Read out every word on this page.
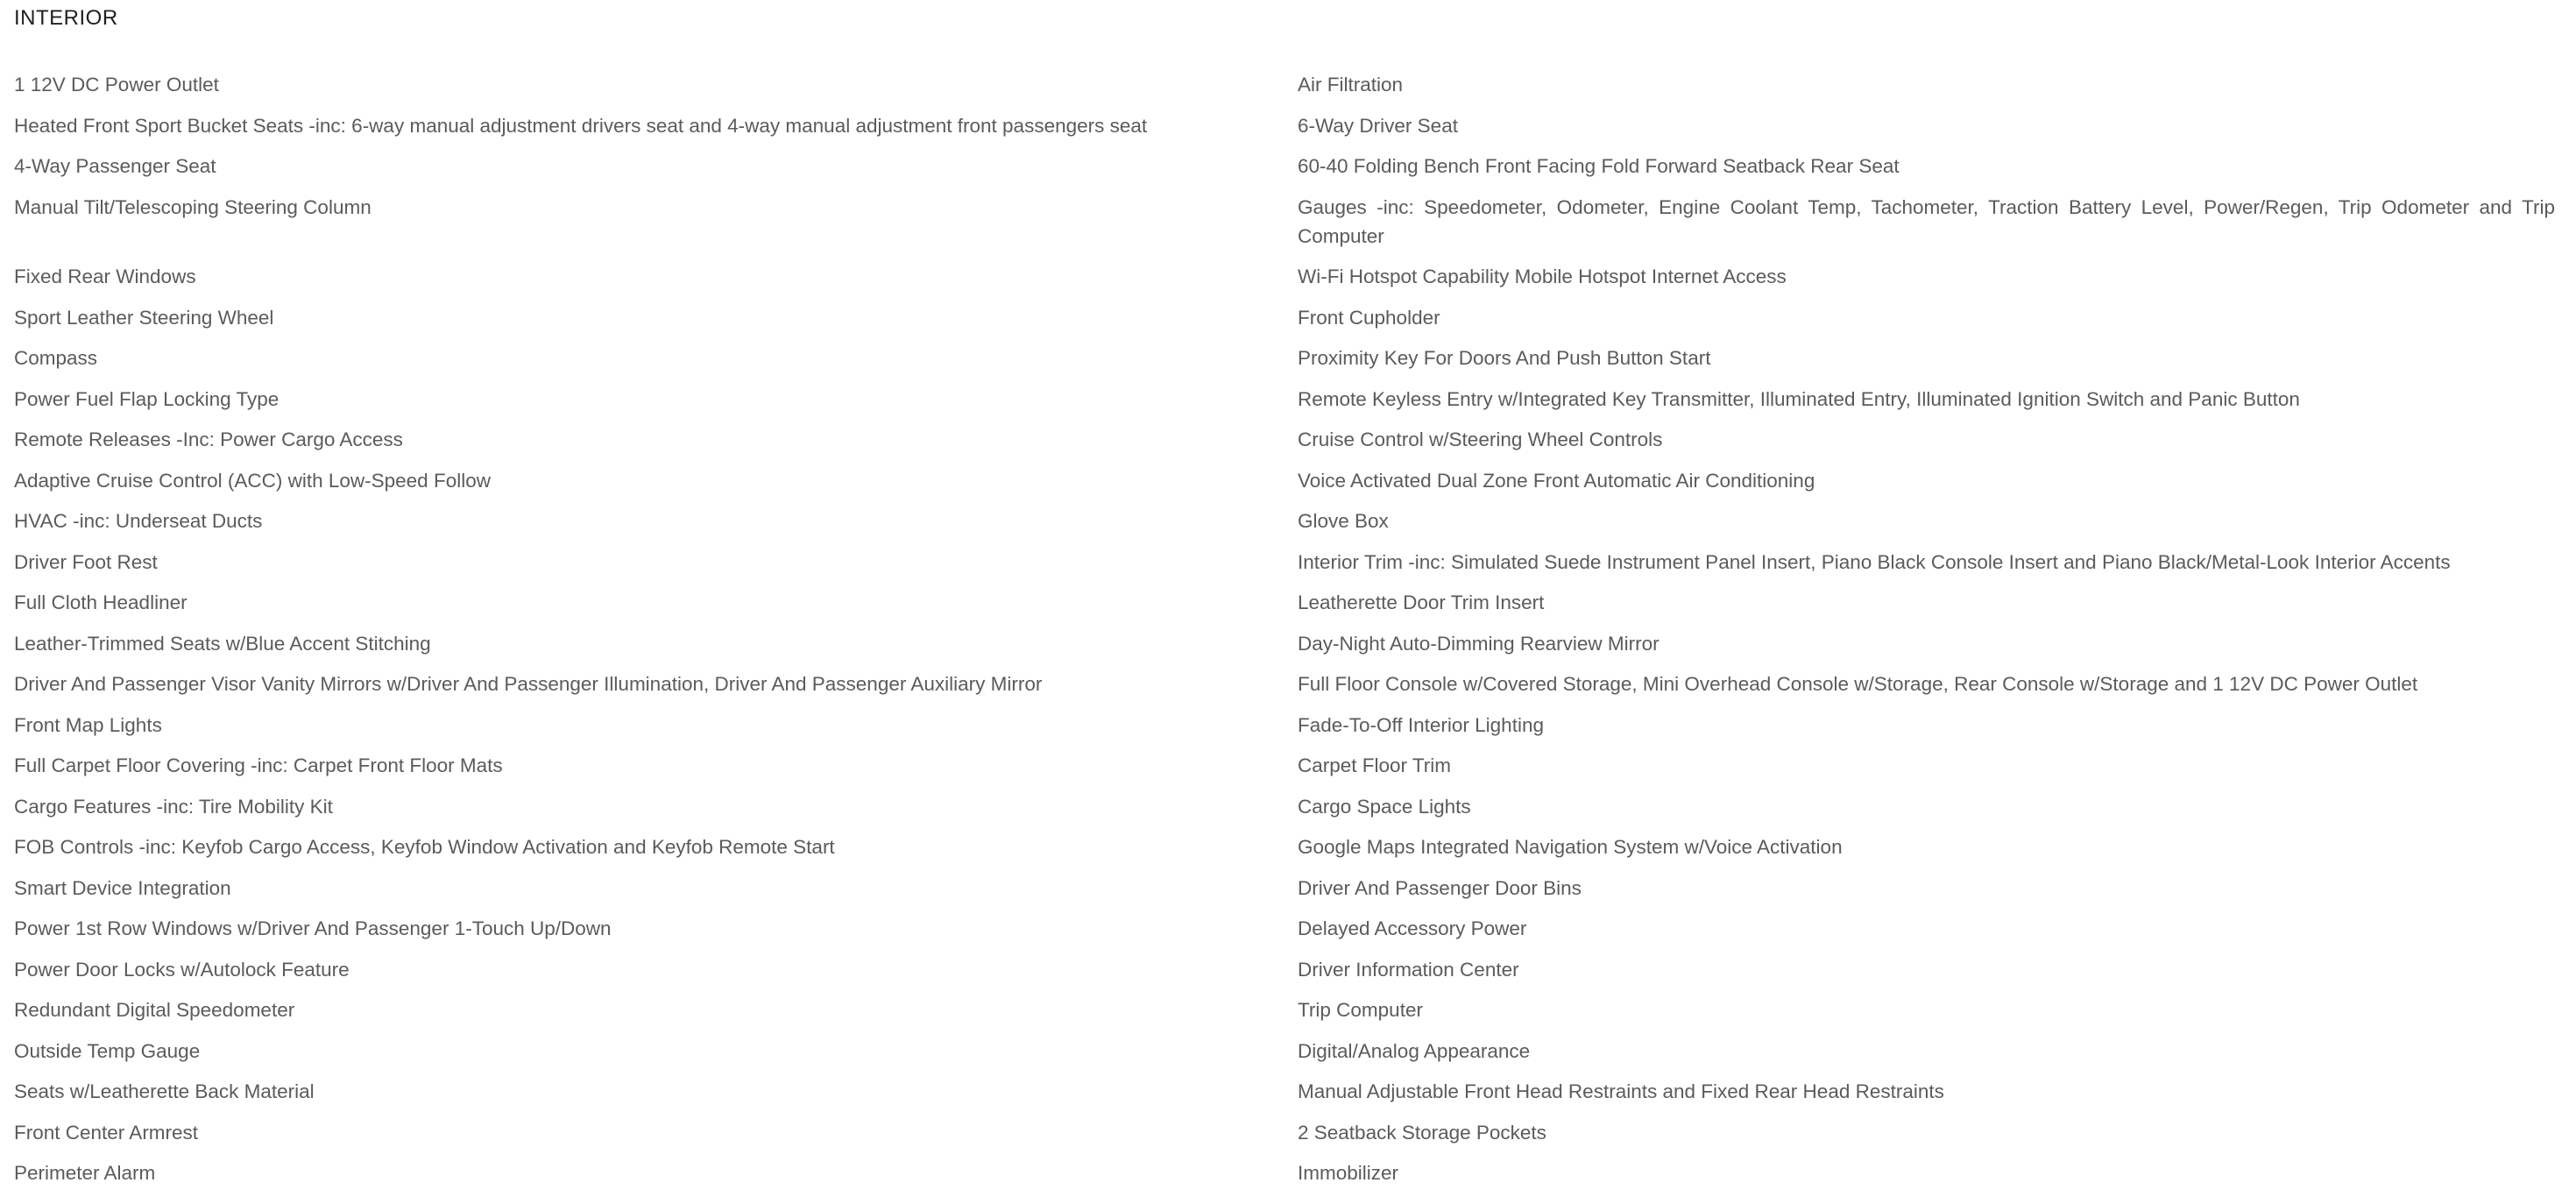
INTERIOR
1 12V DC Power Outlet	Air Filtration
Heated Front Sport Bucket Seats -inc: 6-way manual adjustment drivers seat and 4-way manual adjustment front passengers seat	6-Way Driver Seat
4-Way Passenger Seat	60-40 Folding Bench Front Facing Fold Forward Seatback Rear Seat
Manual Tilt/Telescoping Steering Column	Gauges -inc: Speedometer, Odometer, Engine Coolant Temp, Tachometer, Traction Battery Level, Power/Regen, Trip Odometer and Trip Computer
Fixed Rear Windows	Wi-Fi Hotspot Capability Mobile Hotspot Internet Access
Sport Leather Steering Wheel	Front Cupholder
Compass	Proximity Key For Doors And Push Button Start
Power Fuel Flap Locking Type	Remote Keyless Entry w/Integrated Key Transmitter, Illuminated Entry, Illuminated Ignition Switch and Panic Button
Remote Releases -Inc: Power Cargo Access	Cruise Control w/Steering Wheel Controls
Adaptive Cruise Control (ACC) with Low-Speed Follow	Voice Activated Dual Zone Front Automatic Air Conditioning
HVAC -inc: Underseat Ducts	Glove Box
Driver Foot Rest	Interior Trim -inc: Simulated Suede Instrument Panel Insert, Piano Black Console Insert and Piano Black/Metal-Look Interior Accents
Full Cloth Headliner	Leatherette Door Trim Insert
Leather-Trimmed Seats w/Blue Accent Stitching	Day-Night Auto-Dimming Rearview Mirror
Driver And Passenger Visor Vanity Mirrors w/Driver And Passenger Illumination, Driver And Passenger Auxiliary Mirror	Full Floor Console w/Covered Storage, Mini Overhead Console w/Storage, Rear Console w/Storage and 1 12V DC Power Outlet
Front Map Lights	Fade-To-Off Interior Lighting
Full Carpet Floor Covering -inc: Carpet Front Floor Mats	Carpet Floor Trim
Cargo Features -inc: Tire Mobility Kit	Cargo Space Lights
FOB Controls -inc: Keyfob Cargo Access, Keyfob Window Activation and Keyfob Remote Start	Google Maps Integrated Navigation System w/Voice Activation
Smart Device Integration	Driver And Passenger Door Bins
Power 1st Row Windows w/Driver And Passenger 1-Touch Up/Down	Delayed Accessory Power
Power Door Locks w/Autolock Feature	Driver Information Center
Redundant Digital Speedometer	Trip Computer
Outside Temp Gauge	Digital/Analog Appearance
Seats w/Leatherette Back Material	Manual Adjustable Front Head Restraints and Fixed Rear Head Restraints
Front Center Armrest	2 Seatback Storage Pockets
Perimeter Alarm	Immobilizer
